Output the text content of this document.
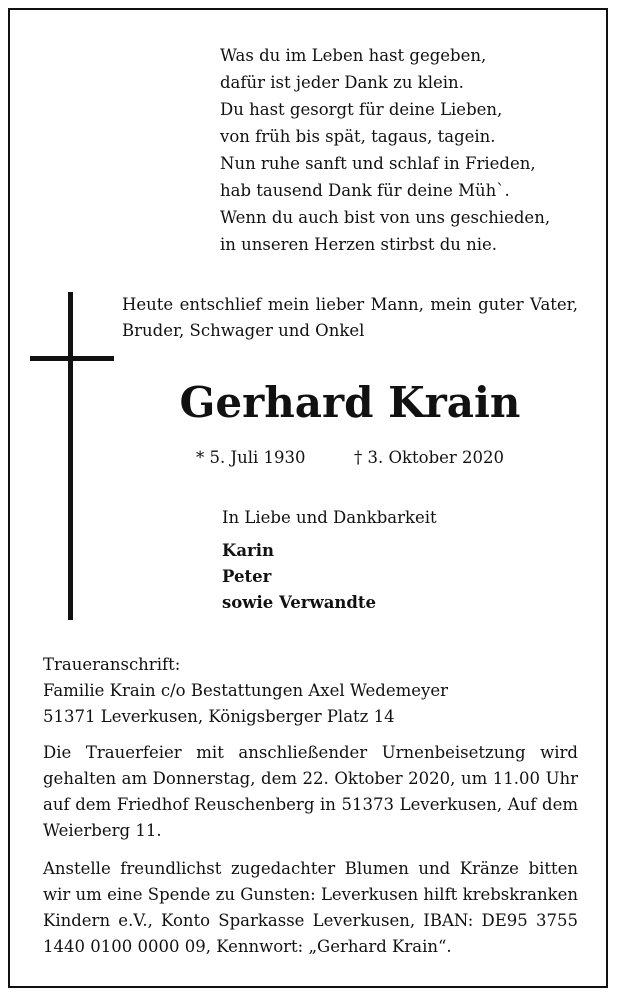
Was du im Leben hast gegeben,
dafür ist jeder Dank zu klein.
Du hast gesorgt für deine Lieben,
von früh bis spät, tagaus, tagein.
Nun ruhe sanft und schlaf in Frieden,
hab tausend Dank für deine Müh`.
Wenn du auch bist von uns geschieden,
in unseren Herzen stirbst du nie.
Heute entschlief mein lieber Mann, mein guter Vater, Bruder, Schwager und Onkel
Gerhard Krain
* 5. Juli 1930	† 3. Oktober 2020
In Liebe und Dankbarkeit
Karin
Peter
sowie Verwandte
Traueranschrift:
Familie Krain c/o Bestattungen Axel Wedemeyer
51371 Leverkusen, Königsberger Platz 14
Die Trauerfeier mit anschließender Urnenbeisetzung wird gehalten am Donnerstag, dem 22. Oktober 2020, um 11.00 Uhr auf dem Friedhof Reuschenberg in 51373 Leverkusen, Auf dem Weierberg 11.
Anstelle freundlichst zugedachter Blumen und Kränze bitten wir um eine Spende zu Gunsten: Leverkusen hilft krebskranken Kindern e.V., Konto Sparkasse Leverkusen, IBAN: DE95 3755 1440 0100 0000 09, Kennwort: „Gerhard Krain“.
